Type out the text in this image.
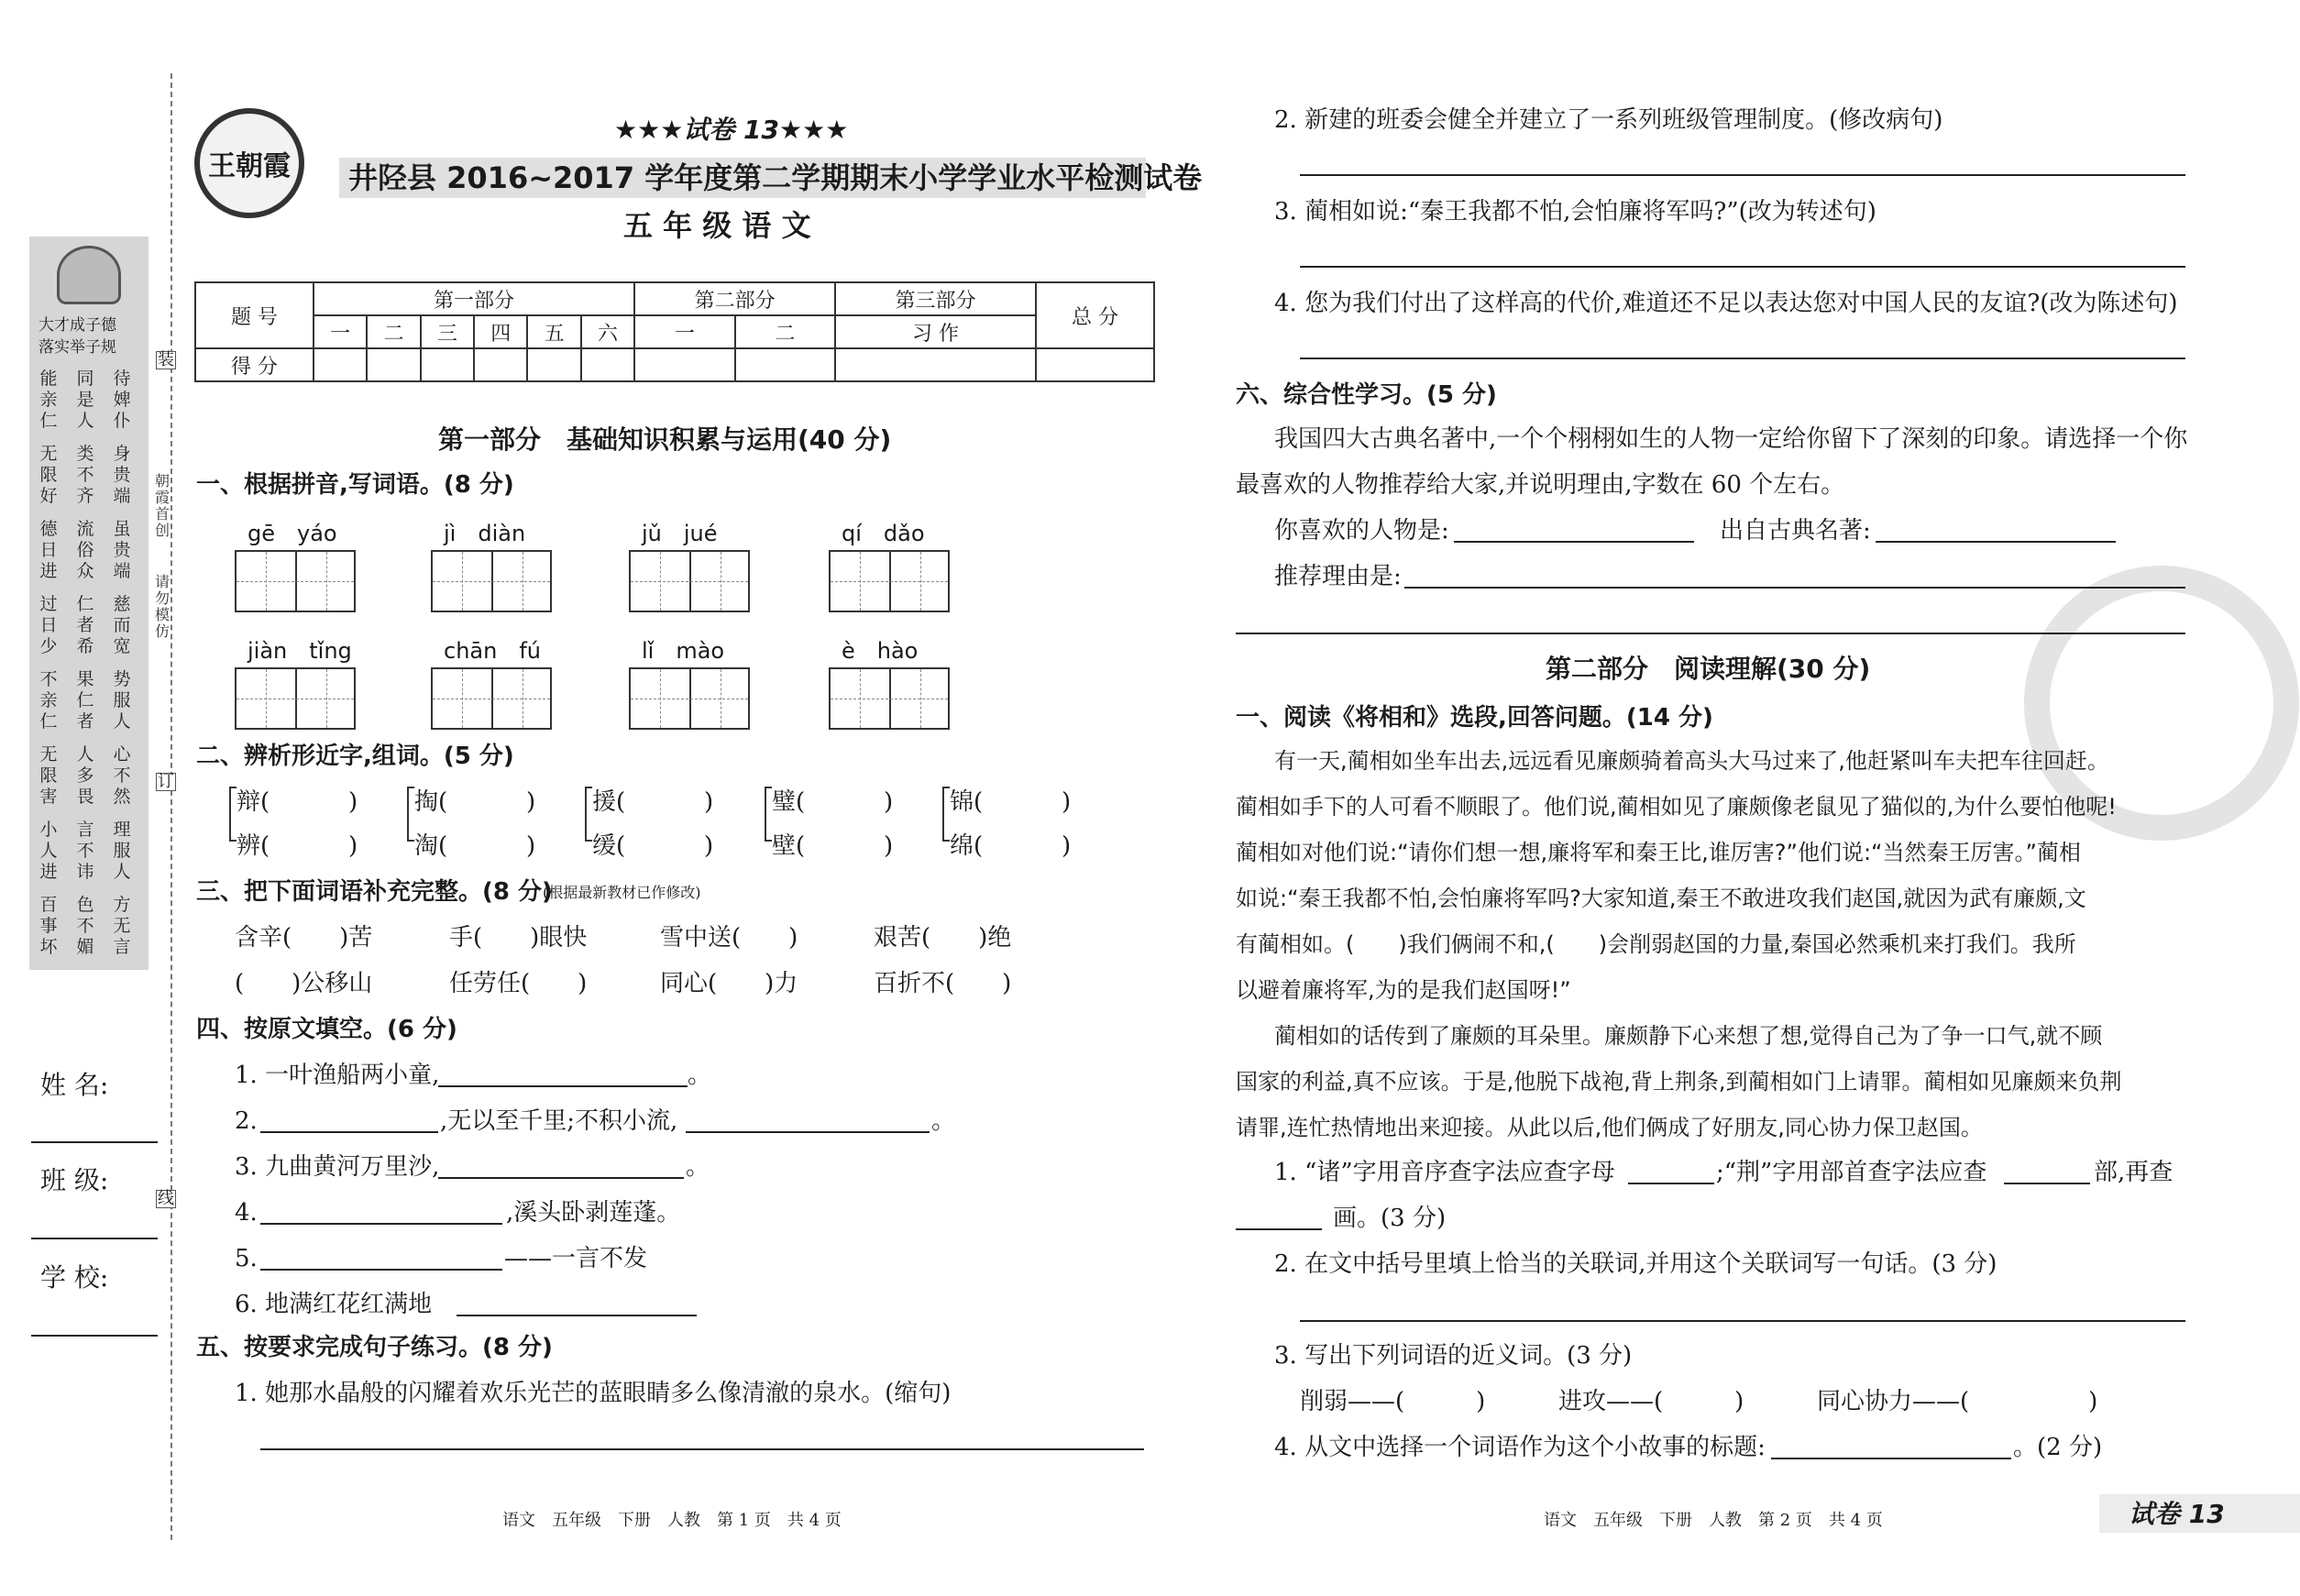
王朝霞
★★★试卷 13★★★
井陉县 2016~2017 学年度第二学期期末小学学业水平检测试卷
五 年 级 语 文
题 号	第一部分						第二部分		第三部分	总 分
	一	二	三	四	五	六	一	二	习 作	
得 分										
大才成子德
落实举子规
朝霞首创
请勿模仿
装
订
线
姓 名:
班 级:
学 校:
第一部分　基础知识积累与运用(40 分)
一、根据拼音,写词语。(8 分)
二、辨析形近字,组词。(5 分)
三、把下面词语补充完整。(8 分)
(根据最新教材已作修改)
含辛(　　)苦	手(　　)眼快	雪中送(　　)	艰苦(　　)绝
(　　)公移山	任劳任(　　)	同心(　　)力	百折不(　　)
四、按原文填空。(6 分)
五、按要求完成句子练习。(8 分)
1. 她那水晶般的闪耀着欢乐光芒的蓝眼睛多么像清澈的泉水。(缩句)
语文　五年级　下册　人教　第 1 页　共 4 页
2. 新建的班委会健全并建立了一系列班级管理制度。(修改病句)
3. 蔺相如说:“秦王我都不怕,会怕廉将军吗?”(改为转述句)
4. 您为我们付出了这样高的代价,难道还不足以表达您对中国人民的友谊?(改为陈述句)
六、综合性学习。(5 分)
我国四大古典名著中,一个个栩栩如生的人物一定给你留下了深刻的印象。请选择一个你
最喜欢的人物推荐给大家,并说明理由,字数在 60 个左右。
你喜欢的人物是:	出自古典名著:
推荐理由是:
第二部分　阅读理解(30 分)
一、阅读《将相和》选段,回答问题。(14 分)
1. “诸”字用音序查字法应查字母	;“荆”字用部首查字法应查	部,再查
画。(3 分)
2. 在文中括号里填上恰当的关联词,并用这个关联词写一句话。(3 分)
3. 写出下列词语的近义词。(3 分)
削弱——(　　　)	进攻——(　　　)	同心协力——(　　　　　)
4. 从文中选择一个词语作为这个小故事的标题:	。(2 分)
语文　五年级　下册　人教　第 2 页　共 4 页	试卷 13
能亲仁
无限好
德日进
过日少
不亲仁
无限害
小人进
百事坏
同是人
类不齐
流俗众
仁者希
果仁者
人多畏
言不讳
色不媚
待婢仆
身贵端
虽贵端
慈而宽
势服人
心不然
理服人
方无言
gē　yáo	jì　diàn	jǔ　jué	qí　dǎo
jiàn　tǐng	chān　fú	lǐ　mào	è　hào
辩(	)
辨(	)
掏(	)
淘(	)
援(	)
缓(	)
璧(	)
壁(	)
锦(	)
绵(	)
1. 一叶渔船两小童,
2.
3. 九曲黄河万里沙,
4.
5.
6. 地满红花红满地
。
,无以至千里;不积小流,	。
。
,溪头卧剥莲蓬。
——一言不发
有一天,蔺相如坐车出去,远远看见廉颇骑着高头大马过来了,他赶紧叫车夫把车往回赶。
蔺相如手下的人可看不顺眼了。他们说,蔺相如见了廉颇像老鼠见了猫似的,为什么要怕他呢!
蔺相如对他们说:“请你们想一想,廉将军和秦王比,谁厉害?”他们说:“当然秦王厉害。”蔺相
如说:“秦王我都不怕,会怕廉将军吗?大家知道,秦王不敢进攻我们赵国,就因为武有廉颇,文
有蔺相如。(　　)我们俩闹不和,(　　)会削弱赵国的力量,秦国必然乘机来打我们。我所
以避着廉将军,为的是我们赵国呀!”
蔺相如的话传到了廉颇的耳朵里。廉颇静下心来想了想,觉得自己为了争一口气,就不顾
国家的利益,真不应该。于是,他脱下战袍,背上荆条,到蔺相如门上请罪。蔺相如见廉颇来负荆
请罪,连忙热情地出来迎接。从此以后,他们俩成了好朋友,同心协力保卫赵国。
